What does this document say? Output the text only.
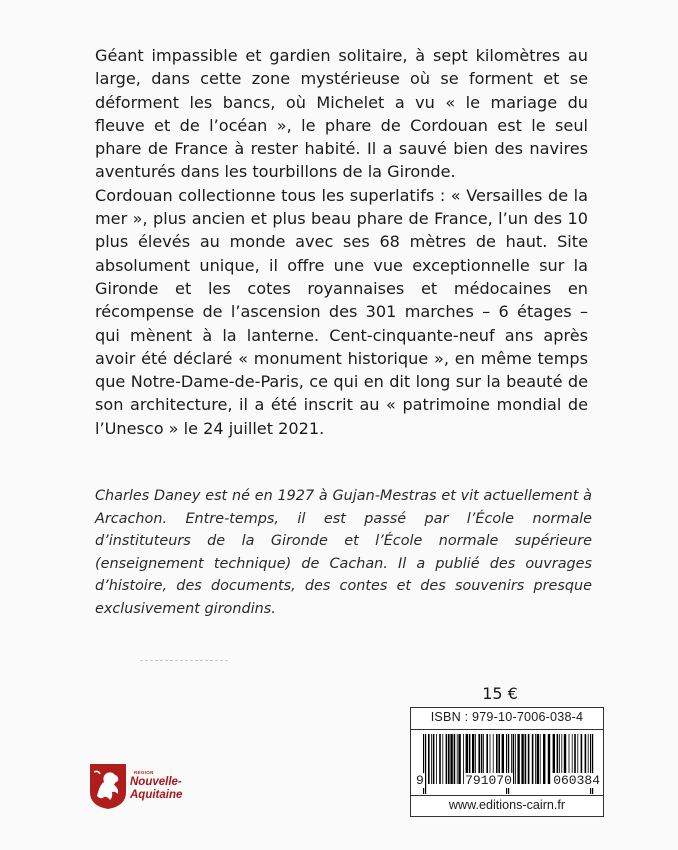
Géant impassible et gardien solitaire, à sept kilomètres au large, dans cette zone mystérieuse où se forment et se déforment les bancs, où Michelet a vu « le mariage du fleuve et de l’océan », le phare de Cordouan est le seul phare de France à rester habité. Il a sauvé bien des navires aventurés dans les tourbillons de la Gironde.

Cordouan collectionne tous les superlatifs : « Versailles de la mer », plus ancien et plus beau phare de France, l’un des 10 plus élevés au monde avec ses 68 mètres de haut. Site absolument unique, il offre une vue exceptionnelle sur la Gironde et les cotes royannaises et médocaines en récompense de l’ascension des 301 marches – 6 étages – qui mènent à la lanterne. Cent-cinquante-neuf ans après avoir été déclaré « monument historique », en même temps que Notre-Dame-de-Paris, ce qui en dit long sur la beauté de son architecture, il a été inscrit au « patrimoine mondial de l’Unesco » le 24 juillet 2021.

Charles Daney est né en 1927 à Gujan-Mestras et vit actuellement à Arcachon. Entre-temps, il est passé par l’École normale d’instituteurs de la Gironde et l’École normale supérieure (enseignement technique) de Cachan. Il a publié des ouvrages d’histoire, des documents, des contes et des souvenirs presque exclusivement girondins.

15 €
ISBN : 979-10-7006-038-4
9	791070	060384
www.editions-cairn.fr
RÉGION
Nouvelle-
Aquitaine
